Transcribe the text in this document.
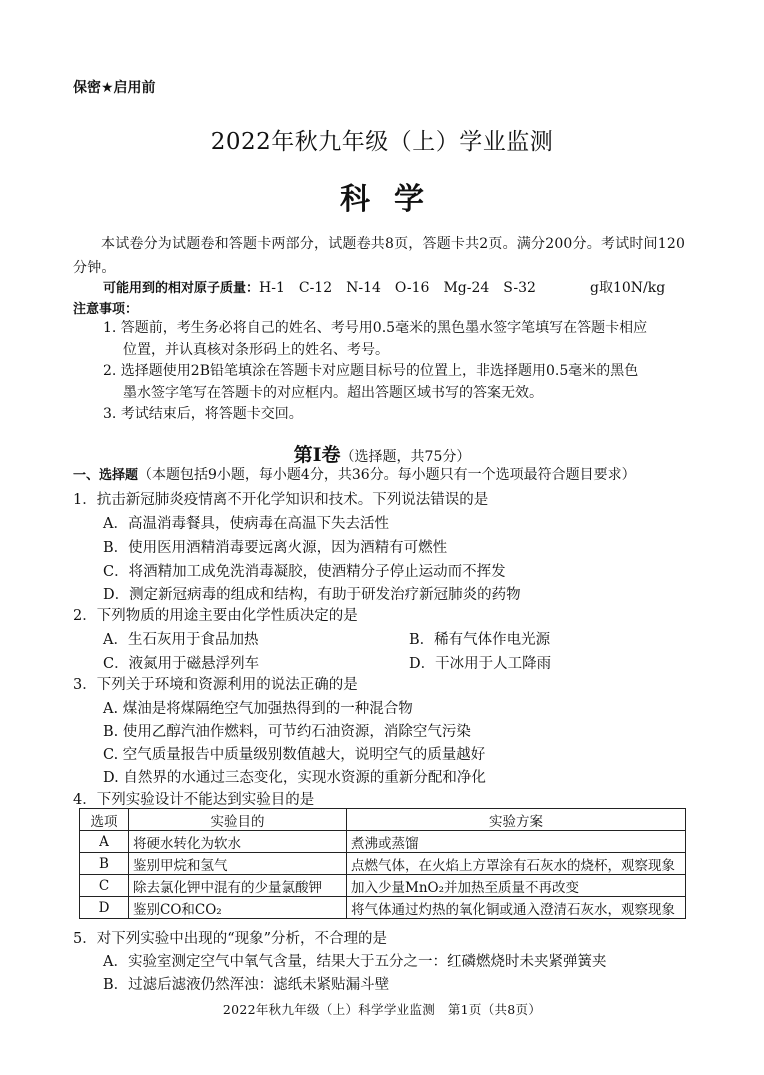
保密★启用前
2022年秋九年级（上）学业监测
科学
本试卷分为试题卷和答题卡两部分，试题卷共8页，答题卡共2页。满分200分。考试时间120分钟。
可能用到的相对原子质量：H-1　C-12　N-14　O-16　Mg-24　S-32	g取10N/kg
注意事项：
1. 答题前，考生务必将自己的姓名、考号用0.5毫米的黑色墨水签字笔填写在答题卡相应
位置，并认真核对条形码上的姓名、考号。
2. 选择题使用2B铅笔填涂在答题卡对应题目标号的位置上，非选择题用0.5毫米的黑色
墨水签字笔写在答题卡的对应框内。超出答题区域书写的答案无效。
3. 考试结束后，将答题卡交回。
第Ⅰ卷（选择题，共75分）
一、选择题（本题包括9小题，每小题4分，共36分。每小题只有一个选项最符合题目要求）
1．抗击新冠肺炎疫情离不开化学知识和技术。下列说法错误的是
A．高温消毒餐具，使病毒在高温下失去活性
B．使用医用酒精消毒要远离火源，因为酒精有可燃性
C．将酒精加工成免洗消毒凝胶，使酒精分子停止运动而不挥发
D．测定新冠病毒的组成和结构，有助于研发治疗新冠肺炎的药物
2．下列物质的用途主要由化学性质决定的是
A．生石灰用于食品加热	B．稀有气体作电光源
C．液氮用于磁悬浮列车	D．干冰用于人工降雨
3．下列关于环境和资源利用的说法正确的是
A. 煤油是将煤隔绝空气加强热得到的一种混合物
B. 使用乙醇汽油作燃料，可节约石油资源，消除空气污染
C. 空气质量报告中质量级别数值越大，说明空气的质量越好
D. 自然界的水通过三态变化，实现水资源的重新分配和净化
4．下列实验设计不能达到实验目的是
选项	实验目的	实验方案
A	将硬水转化为软水	煮沸或蒸馏
B	鉴别甲烷和氢气	点燃气体，在火焰上方罩涂有石灰水的烧杯，观察现象
C	除去氯化钾中混有的少量氯酸钾	加入少量MnO₂并加热至质量不再改变
D	鉴别CO和CO₂	将气体通过灼热的氧化铜或通入澄清石灰水，观察现象
5．对下列实验中出现的“现象”分析，不合理的是
A．实验室测定空气中氧气含量，结果大于五分之一：红磷燃烧时未夹紧弹簧夹
B．过滤后滤液仍然浑浊：滤纸未紧贴漏斗壁
2022年秋九年级（上）科学学业监测　第1页（共8页）
